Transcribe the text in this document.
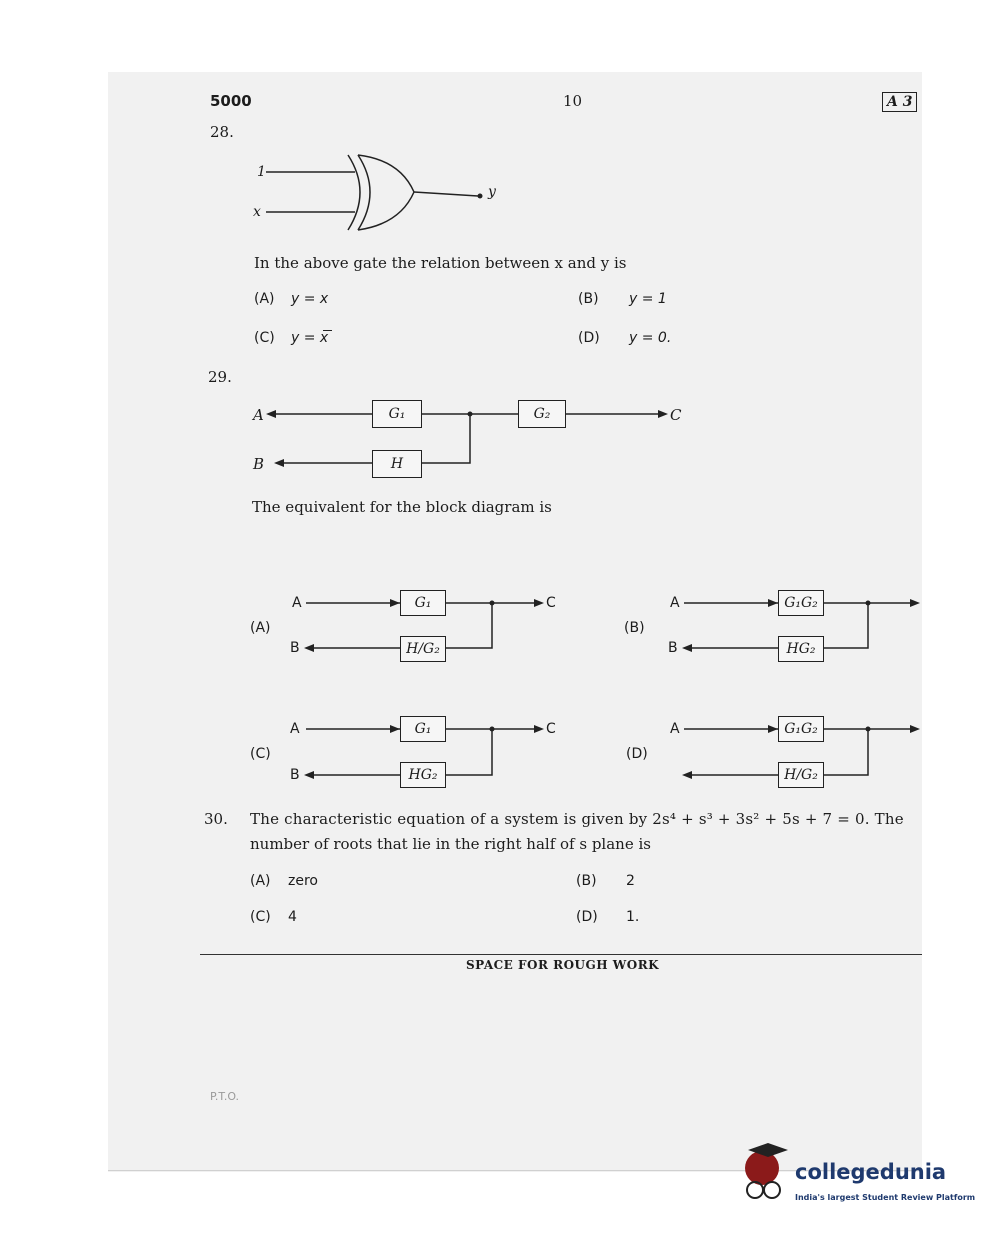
5000	10	A 3
28.
1
x
y
In the above gate the relation between x and y is
(A) y = x	(B) y = 1
(C) y = x	(D) y = 0.
29.
A
B
C
G₁	G₂
H
The equivalent for the block diagram is
(A)
A
B
C
G₁
H/G₂
(B)
A
B
G₁G₂
HG₂
(C)
A
B
C
G₁
HG₂
(D)
A	G₁G₂
H/G₂
30. The characteristic equation of a system is given by 2s⁴ + s³ + 3s² + 5s + 7 = 0. The
number of roots that lie in the right half of s plane is
(A) zero	(B) 2
(C) 4	(D) 1.
SPACE FOR ROUGH WORK
P.T.O.
collegedunia
India's largest Student Review Platform
